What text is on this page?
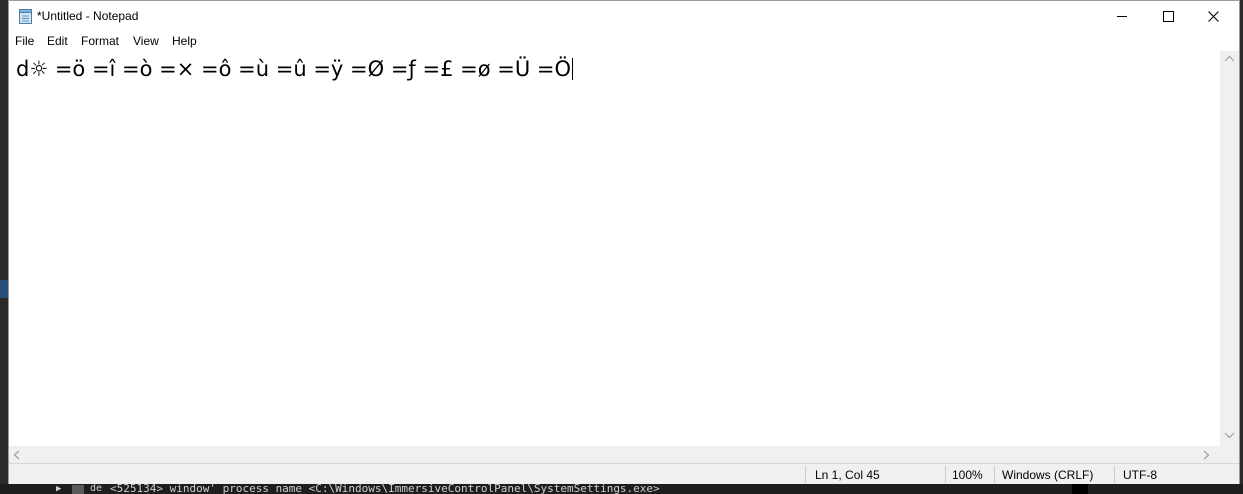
▶	de <525134> window' process_name <C:\Windows\ImmersiveControlPanel\SystemSettings.exe>
*Untitled - Notepad
File Edit Format View Help
d☼ =ö =î =ò =× =ô =ù =û =ÿ =Ø =ƒ =£ =ø =Ü =Ö
Ln 1, Col 45	100% Windows (CRLF) UTF-8
